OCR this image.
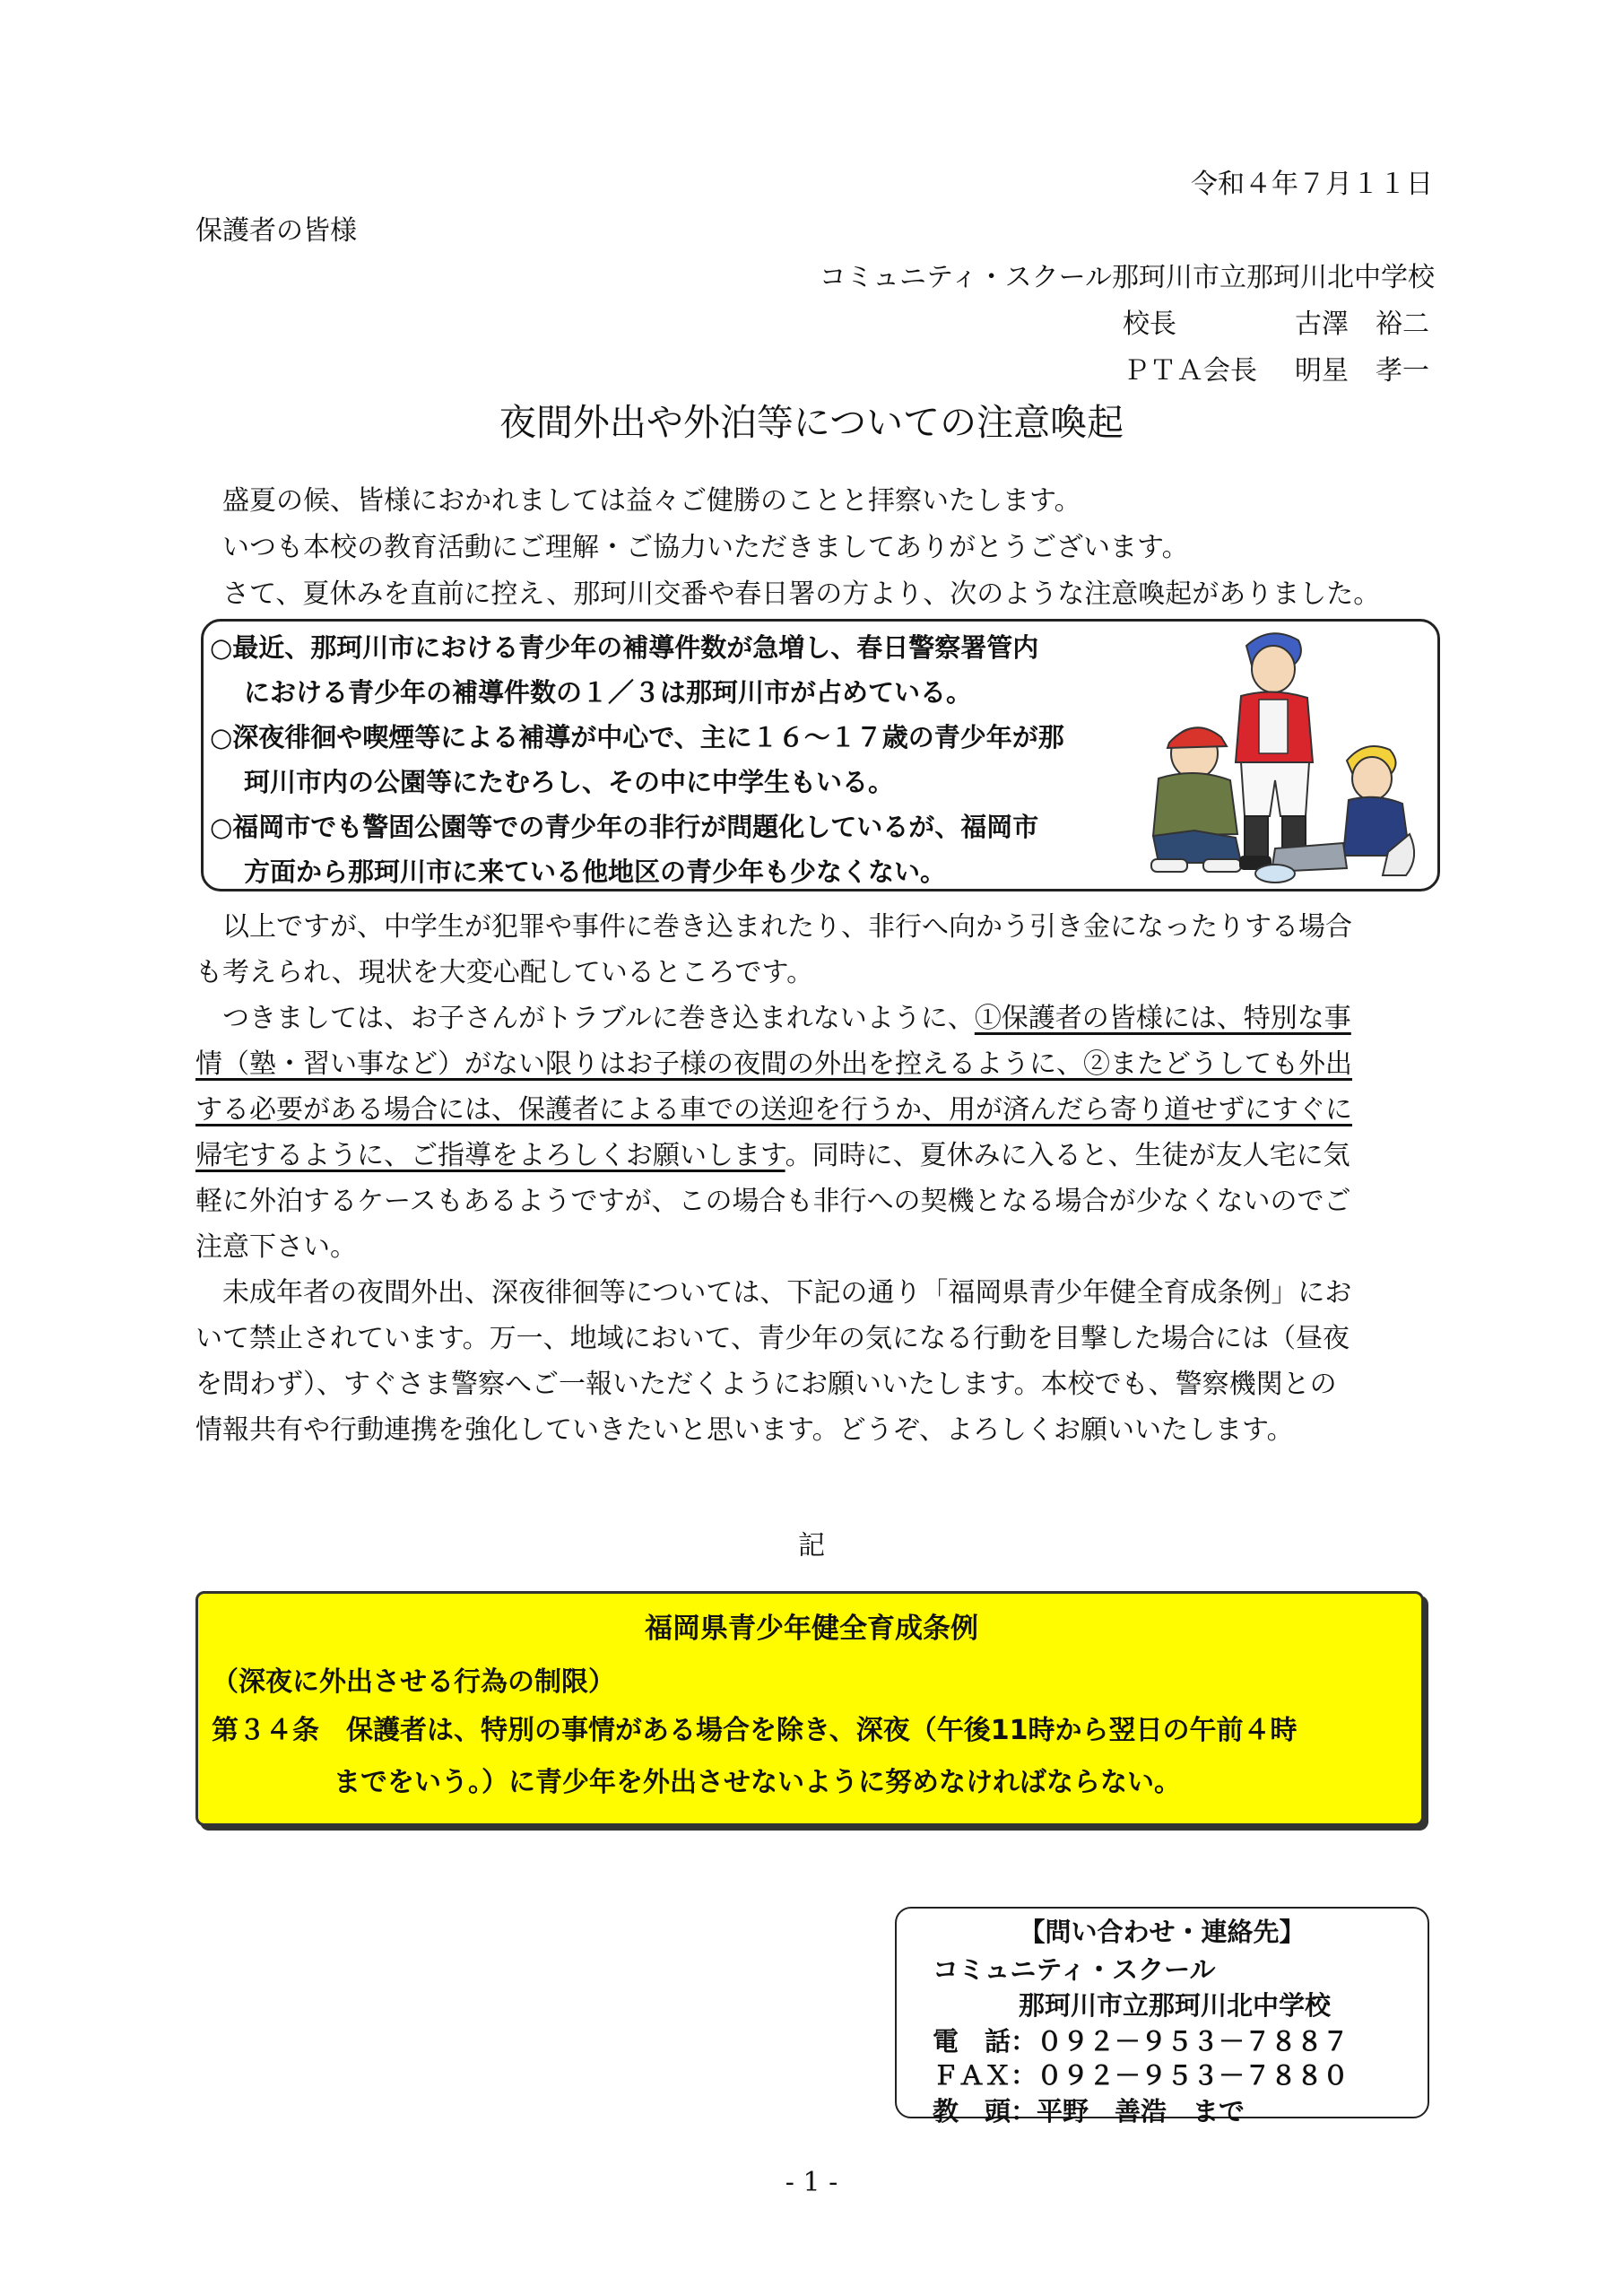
令和４年７月１１日
保護者の皆様
コミュニティ・スクール那珂川市立那珂川北中学校
校長	古澤　裕二
ＰＴＡ会長 明星　孝一
夜間外出や外泊等についての注意喚起

盛夏の候、皆様におかれましては益々ご健勝のことと拝察いたします。

いつも本校の教育活動にご理解・ご協力いただきましてありがとうございます。

さて、夏休みを直前に控え、那珂川交番や春日署の方より、次のような注意喚起がありました。

○最近、那珂川市における青少年の補導件数が急増し、春日警察署管内
における青少年の補導件数の１／３は那珂川市が占めている。
○深夜徘徊や喫煙等による補導が中心で、主に１６～１７歳の青少年が那
珂川市内の公園等にたむろし、その中に中学生もいる。
○福岡市でも警固公園等での青少年の非行が問題化しているが、福岡市
方面から那珂川市に来ている他地区の青少年も少なくない。
　以上ですが、中学生が犯罪や事件に巻き込まれたり、非行へ向かう引き金になったりする場合
も考えられ、現状を大変心配しているところです。
　つきましては、お子さんがトラブルに巻き込まれないように、①保護者の皆様には、特別な事
情（塾・習い事など）がない限りはお子様の夜間の外出を控えるように、②またどうしても外出
する必要がある場合には、保護者による車での送迎を行うか、用が済んだら寄り道せずにすぐに
帰宅するように、ご指導をよろしくお願いします。同時に、夏休みに入ると、生徒が友人宅に気
軽に外泊するケースもあるようですが、この場合も非行への契機となる場合が少なくないのでご
注意下さい。
　未成年者の夜間外出、深夜徘徊等については、下記の通り「福岡県青少年健全育成条例」にお
いて禁止されています。万一、地域において、青少年の気になる行動を目撃した場合には（昼夜
を問わず）、すぐさま警察へご一報いただくようにお願いいたします。本校でも、警察機関との
情報共有や行動連携を強化していきたいと思います。どうぞ、よろしくお願いいたします。
記
福岡県青少年健全育成条例
（深夜に外出させる行為の制限）
第３４条　保護者は、特別の事情がある場合を除き、深夜（午後11時から翌日の午前４時
までをいう。）に青少年を外出させないように努めなければならない。
【問い合わせ・連絡先】
コミュニティ・スクール
那珂川市立那珂川北中学校
電　話：０９２－９５３－７８８７
ＦＡＸ：０９２－９５３－７８８０
教　頭：平野　善浩　まで
- 1 -
